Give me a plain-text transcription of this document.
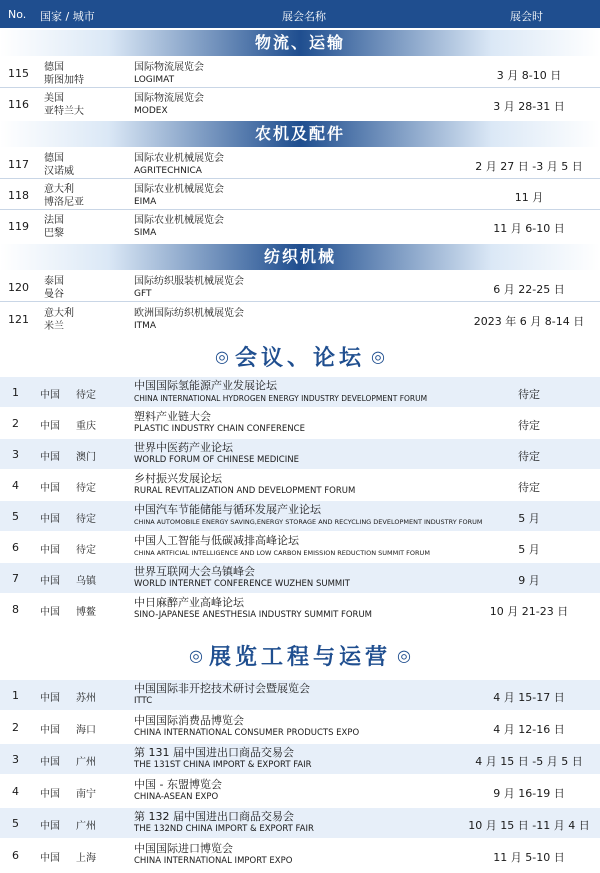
No. 国家 / 城市	展会名称	展会时
物流、运输
115 德国
斯图加特
国际物流展览会
LOGIMAT	3 月 8-10 日
116 美国
亚特兰大
国际物流展览会
MODEX	3 月 28-31 日
农机及配件
117 德国
汉诺威
国际农业机械展览会
AGRITECHNICA	2 月 27 日 -3 月 5 日
118 意大利
博洛尼亚
国际农业机械展览会
EIMA	11 月
119 法国
巴黎
国际农业机械展览会
SIMA	11 月 6-10 日
纺织机械
120 泰国
曼谷
国际纺织服装机械展览会
GFT	6 月 22-25 日
121 意大利
米兰
欧洲国际纺织机械展览会
ITMA	2023 年 6 月 8-14 日
◎ 会议、论坛 ◎
1 中国 待定
中国国际氢能源产业发展论坛
CHINA INTERNATIONAL HYDROGEN ENERGY INDUSTRY DEVELOPMENT FORUM	待定
2 中国 重庆
塑料产业链大会
PLASTIC INDUSTRY CHAIN CONFERENCE	待定
3 中国 澳门
世界中医药产业论坛
WORLD FORUM OF CHINESE MEDICINE	待定
4 中国 待定
乡村振兴发展论坛
RURAL REVITALIZATION AND DEVELOPMENT FORUM	待定
5 中国 待定
中国汽车节能储能与循环发展产业论坛
CHINA AUTOMOBILE ENERGY SAVING,ENERGY STORAGE AND RECYCLING DEVELOPMENT INDUSTRY FORUM	5 月
6 中国 待定
中国人工智能与低碳减排高峰论坛
CHINA ARTFICIAL INTELLIGENCE AND LOW CARBON EMISSION REDUCTION SUMMIT FORUM	5 月
7 中国 乌镇
世界互联网大会乌镇峰会
WORLD INTERNET CONFERENCE WUZHEN SUMMIT	9 月
8 中国 博鳌
中日麻醉产业高峰论坛
SINO-JAPANESE ANESTHESIA INDUSTRY SUMMIT FORUM	10 月 21-23 日
◎ 展览工程与运营 ◎
1 中国 苏州
中国国际非开挖技术研讨会暨展览会
ITTC	4 月 15-17 日
2 中国 海口
中国国际消费品博览会
CHINA INTERNATIONAL CONSUMER PRODUCTS EXPO	4 月 12-16 日
3 中国 广州
第 131 届中国进出口商品交易会
THE 131ST CHINA IMPORT & EXPORT FAIR	4 月 15 日 -5 月 5 日
4 中国 南宁
中国 - 东盟博览会
CHINA-ASEAN EXPO	9 月 16-19 日
5 中国 广州
第 132 届中国进出口商品交易会
THE 132ND CHINA IMPORT & EXPORT FAIR	10 月 15 日 -11 月 4 日
6 中国 上海
中国国际进口博览会
CHINA INTERNATIONAL IMPORT EXPO	11 月 5-10 日
